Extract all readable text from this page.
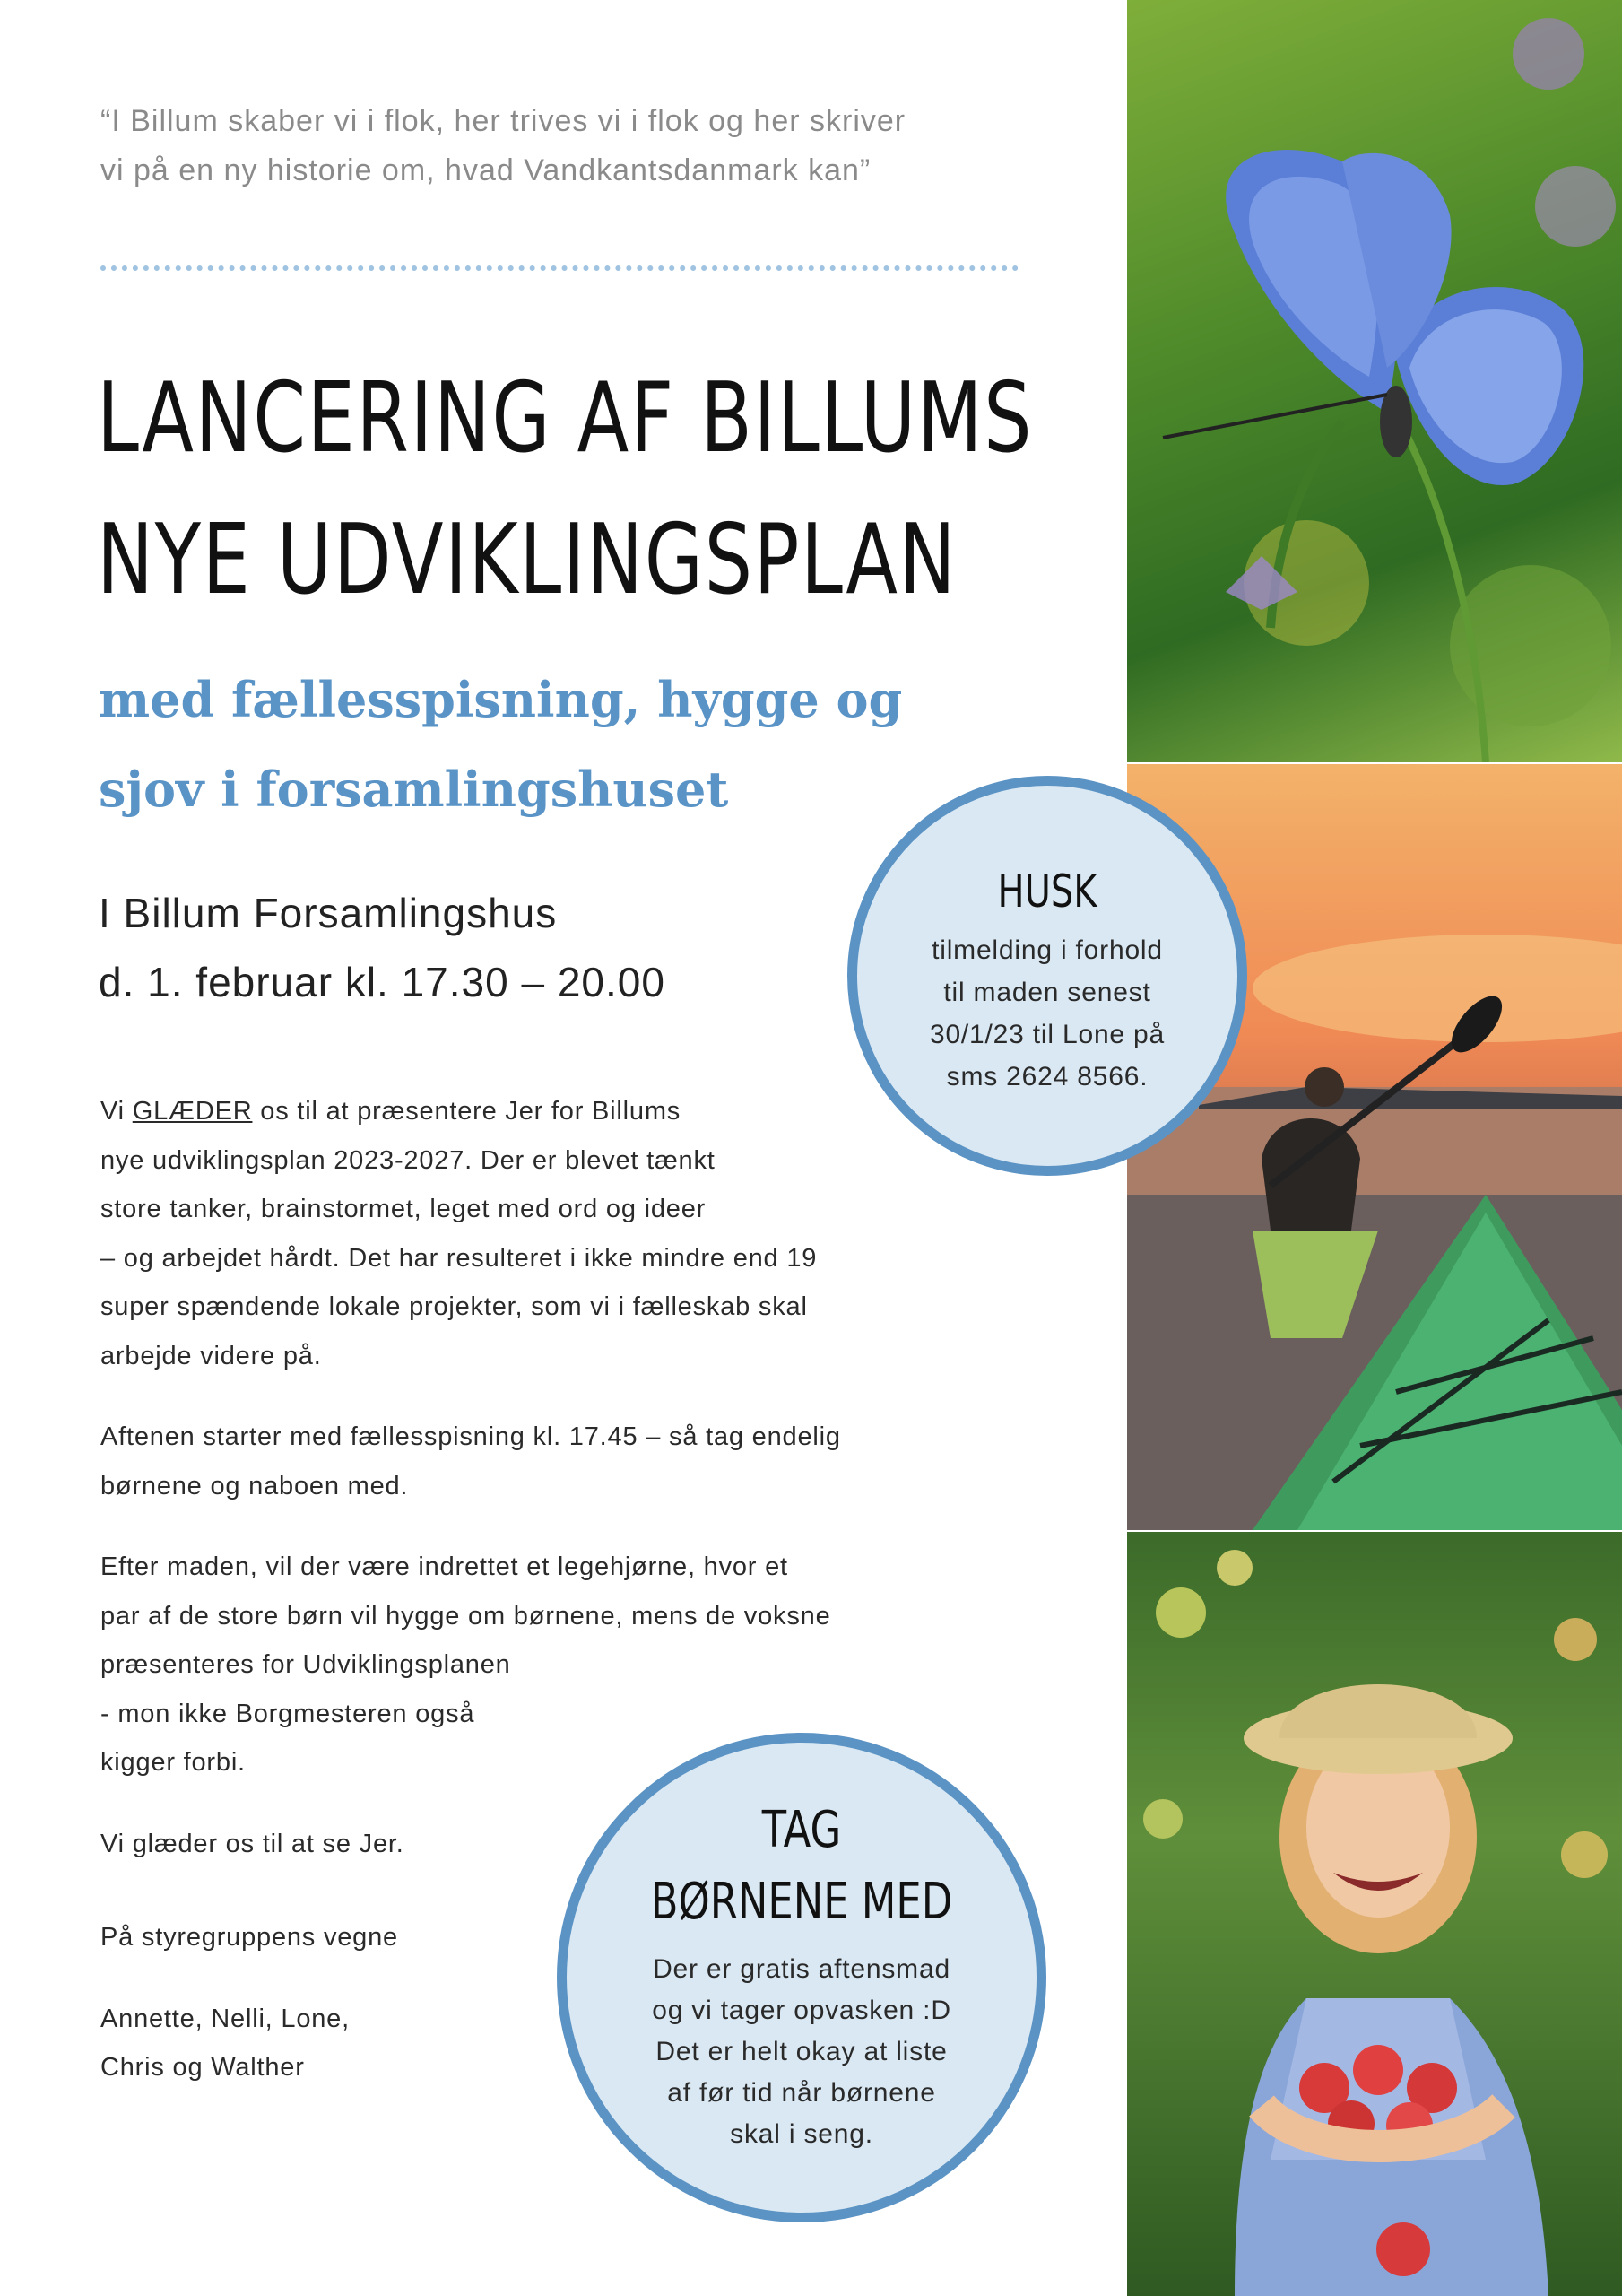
“I Billum skaber vi i flok, her trives vi i flok og her skriver
vi på en ny historie om, hvad Vandkantsdanmark kan”
LANCERING AF BILLUMS
NYE UDVIKLINGSPLAN
med fællesspisning, hygge og
sjov i forsamlingshuset
I Billum Forsamlingshus
d. 1. februar kl. 17.30 – 20.00
Vi GLÆDER os til at præsentere Jer for Billums
nye udviklingsplan 2023-2027. Der er blevet tænkt
store tanker, brainstormet, leget med ord og ideer
– og arbejdet hårdt. Det har resulteret i ikke mindre end 19
super spændende lokale projekter, som vi i fælleskab skal
arbejde videre på.
Aftenen starter med fællesspisning kl. 17.45 – så tag endelig
børnene og naboen med.
Efter maden, vil der være indrettet et legehjørne, hvor et
par af de store børn vil hygge om børnene, mens de voksne
præsenteres for Udviklingsplanen
- mon ikke Borgmesteren også
kigger forbi.
Vi glæder os til at se Jer.
På styregruppens vegne
Annette, Nelli, Lone,
Chris og Walther
HUSK
tilmelding i forhold
til maden senest
30/1/23 til Lone på
sms 2624 8566.
TAG
BØRNENE MED
Der er gratis aftensmad
og vi tager opvasken :D
Det er helt okay at liste
af før tid når børnene
skal i seng.
